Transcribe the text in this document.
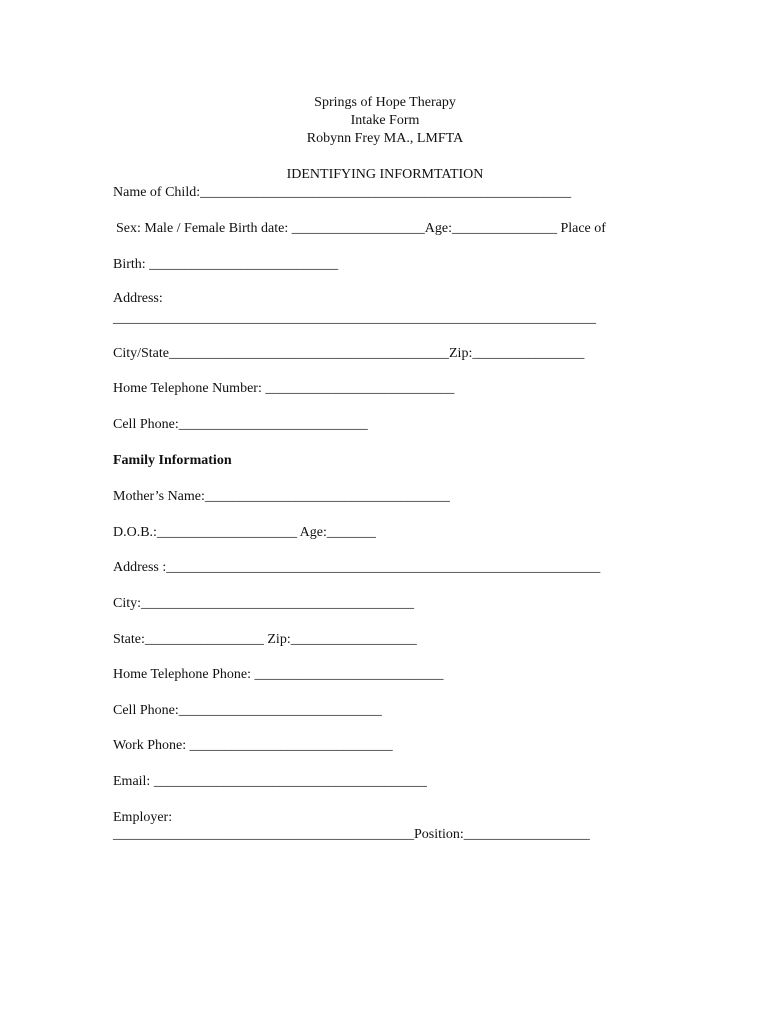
Springs of Hope Therapy
Intake Form
Robynn Frey MA., LMFTA
IDENTIFYING INFORMTATION
Name of Child:_____________________________________________________
Sex: Male / Female Birth date: ___________________Age:_______________ Place of
Birth: ___________________________
Address:
_____________________________________________________________________
City/State________________________________________Zip:________________
Home Telephone Number: ___________________________
Cell Phone:___________________________
Family Information
Mother’s Name:___________________________________
D.O.B.:____________________ Age:_______
Address :______________________________________________________________
City:_______________________________________
State:_________________ Zip:__________________
Home Telephone Phone: ___________________________
Cell Phone:_____________________________
Work Phone: _____________________________
Email: _______________________________________
Employer:
___________________________________________Position:__________________
